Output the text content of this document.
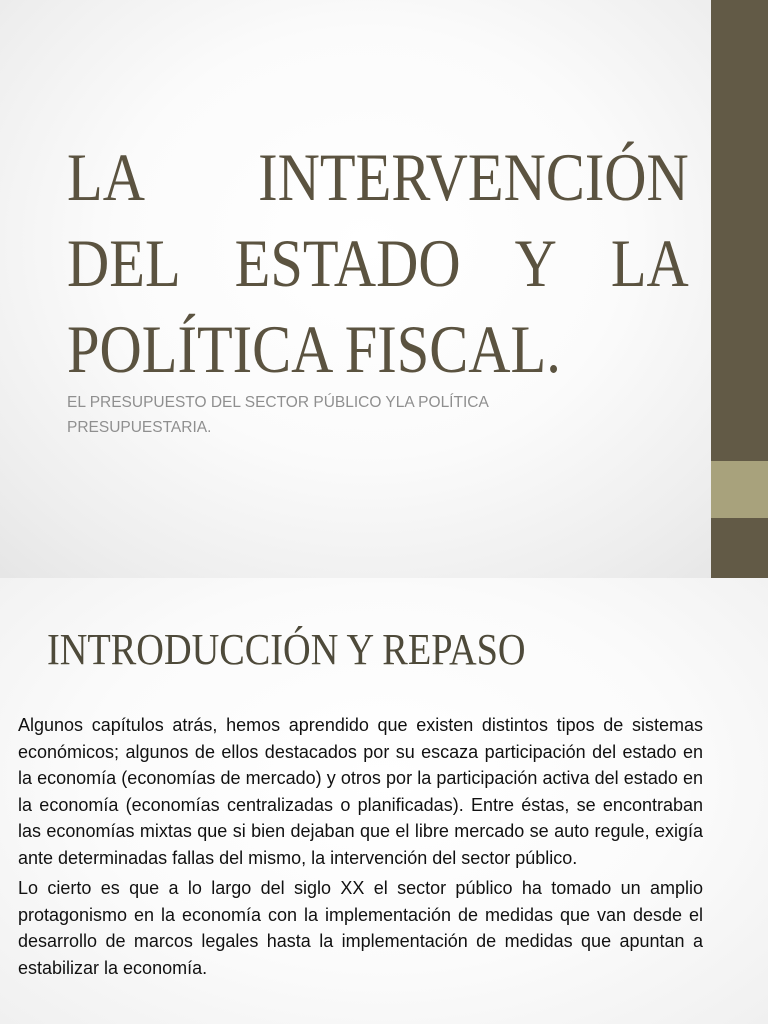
LA INTERVENCIÓN DEL ESTADO Y LA POLÍTICA FISCAL.

EL PRESUPUESTO DEL SECTOR PÚBLICO YLA POLÍTICA PRESUPUESTARIA.

INTRODUCCIÓN Y REPASO

Algunos capítulos atrás, hemos aprendido que existen distintos tipos de sistemas económicos; algunos de ellos destacados por su escaza participación del estado en la economía (economías de mercado) y otros por la participación activa del estado en la economía (economías centralizadas o planificadas). Entre éstas, se encontraban las economías mixtas que si bien dejaban que el libre mercado se auto regule, exigía ante determinadas fallas del mismo, la intervención del sector público.

Lo cierto es que a lo largo del siglo XX el sector público ha tomado un amplio protagonismo en la economía con la implementación de medidas que van desde el desarrollo de marcos legales hasta la implementación de medidas que apuntan a estabilizar la economía.
